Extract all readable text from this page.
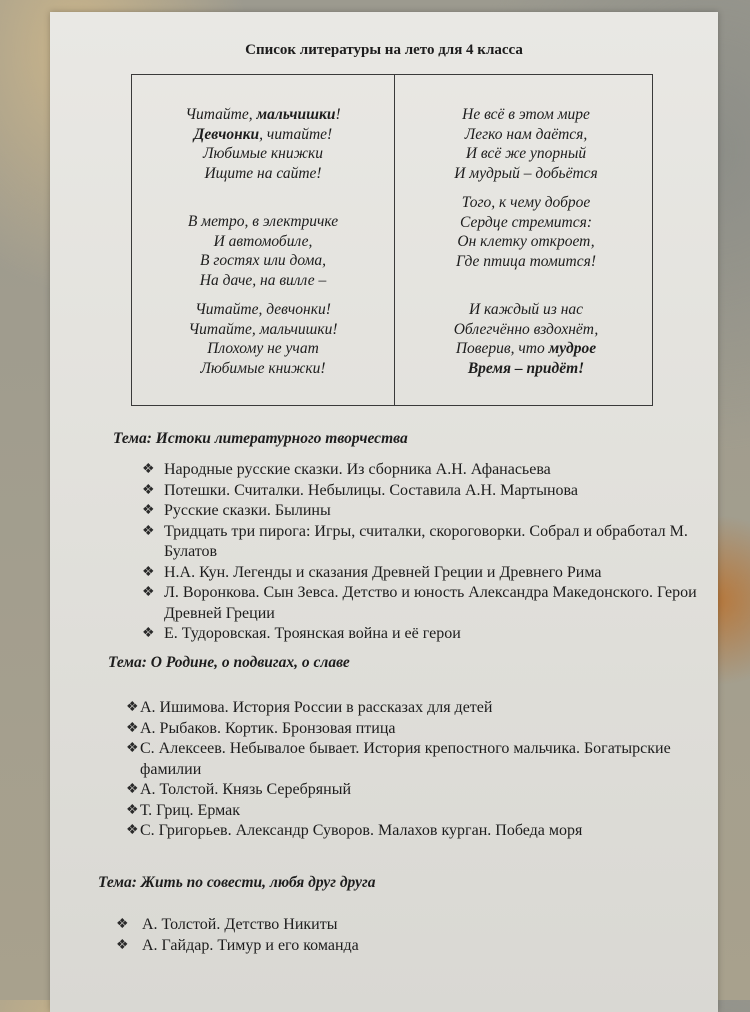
Список литературы на лето для 4 класса
Читайте, мальчишки!
Девчонки, читайте!
Любимые книжки
Ищите на сайте!
В метро, в электричке
И автомобиле,
В гостях или дома,
На даче, на вилле –
Читайте, девчонки!
Читайте, мальчишки!
Плохому не учат
Любимые книжки!
Не всё в этом мире
Легко нам даётся,
И всё же упорный
И мудрый – добьётся
Того, к чему доброе
Сердце стремится:
Он клетку откроет,
Где птица томится!
И каждый из нас
Облегчённо вздохнёт,
Поверив, что мудрое
Время – придёт!
Тема: Истоки литературного творчества
❖ Народные русские сказки. Из сборника А.Н. Афанасьева
❖ Потешки. Считалки. Небылицы. Составила А.Н. Мартынова
❖ Русские сказки. Былины
❖ Тридцать три пирога: Игры, считалки, скороговорки. Собрал и обработал М. Булатов
❖ Н.А. Кун. Легенды и сказания Древней Греции и Древнего Рима
❖ Л. Воронкова. Сын Зевса. Детство и юность Александра Македонского. Герои Древней Греции
❖ Е. Тудоровская. Троянская война и её герои
Тема: О Родине, о подвигах, о славе
❖ А. Ишимова. История России в рассказах для детей
❖ А. Рыбаков. Кортик. Бронзовая птица
❖ С. Алексеев. Небывалое бывает. История крепостного мальчика. Богатырские фамилии
❖ А. Толстой. Князь Серебряный
❖ Т. Гриц. Ермак
❖ С. Григорьев. Александр Суворов. Малахов курган. Победа моря
Тема: Жить по совести, любя друг друга
❖ А. Толстой. Детство Никиты
❖ А. Гайдар. Тимур и его команда
